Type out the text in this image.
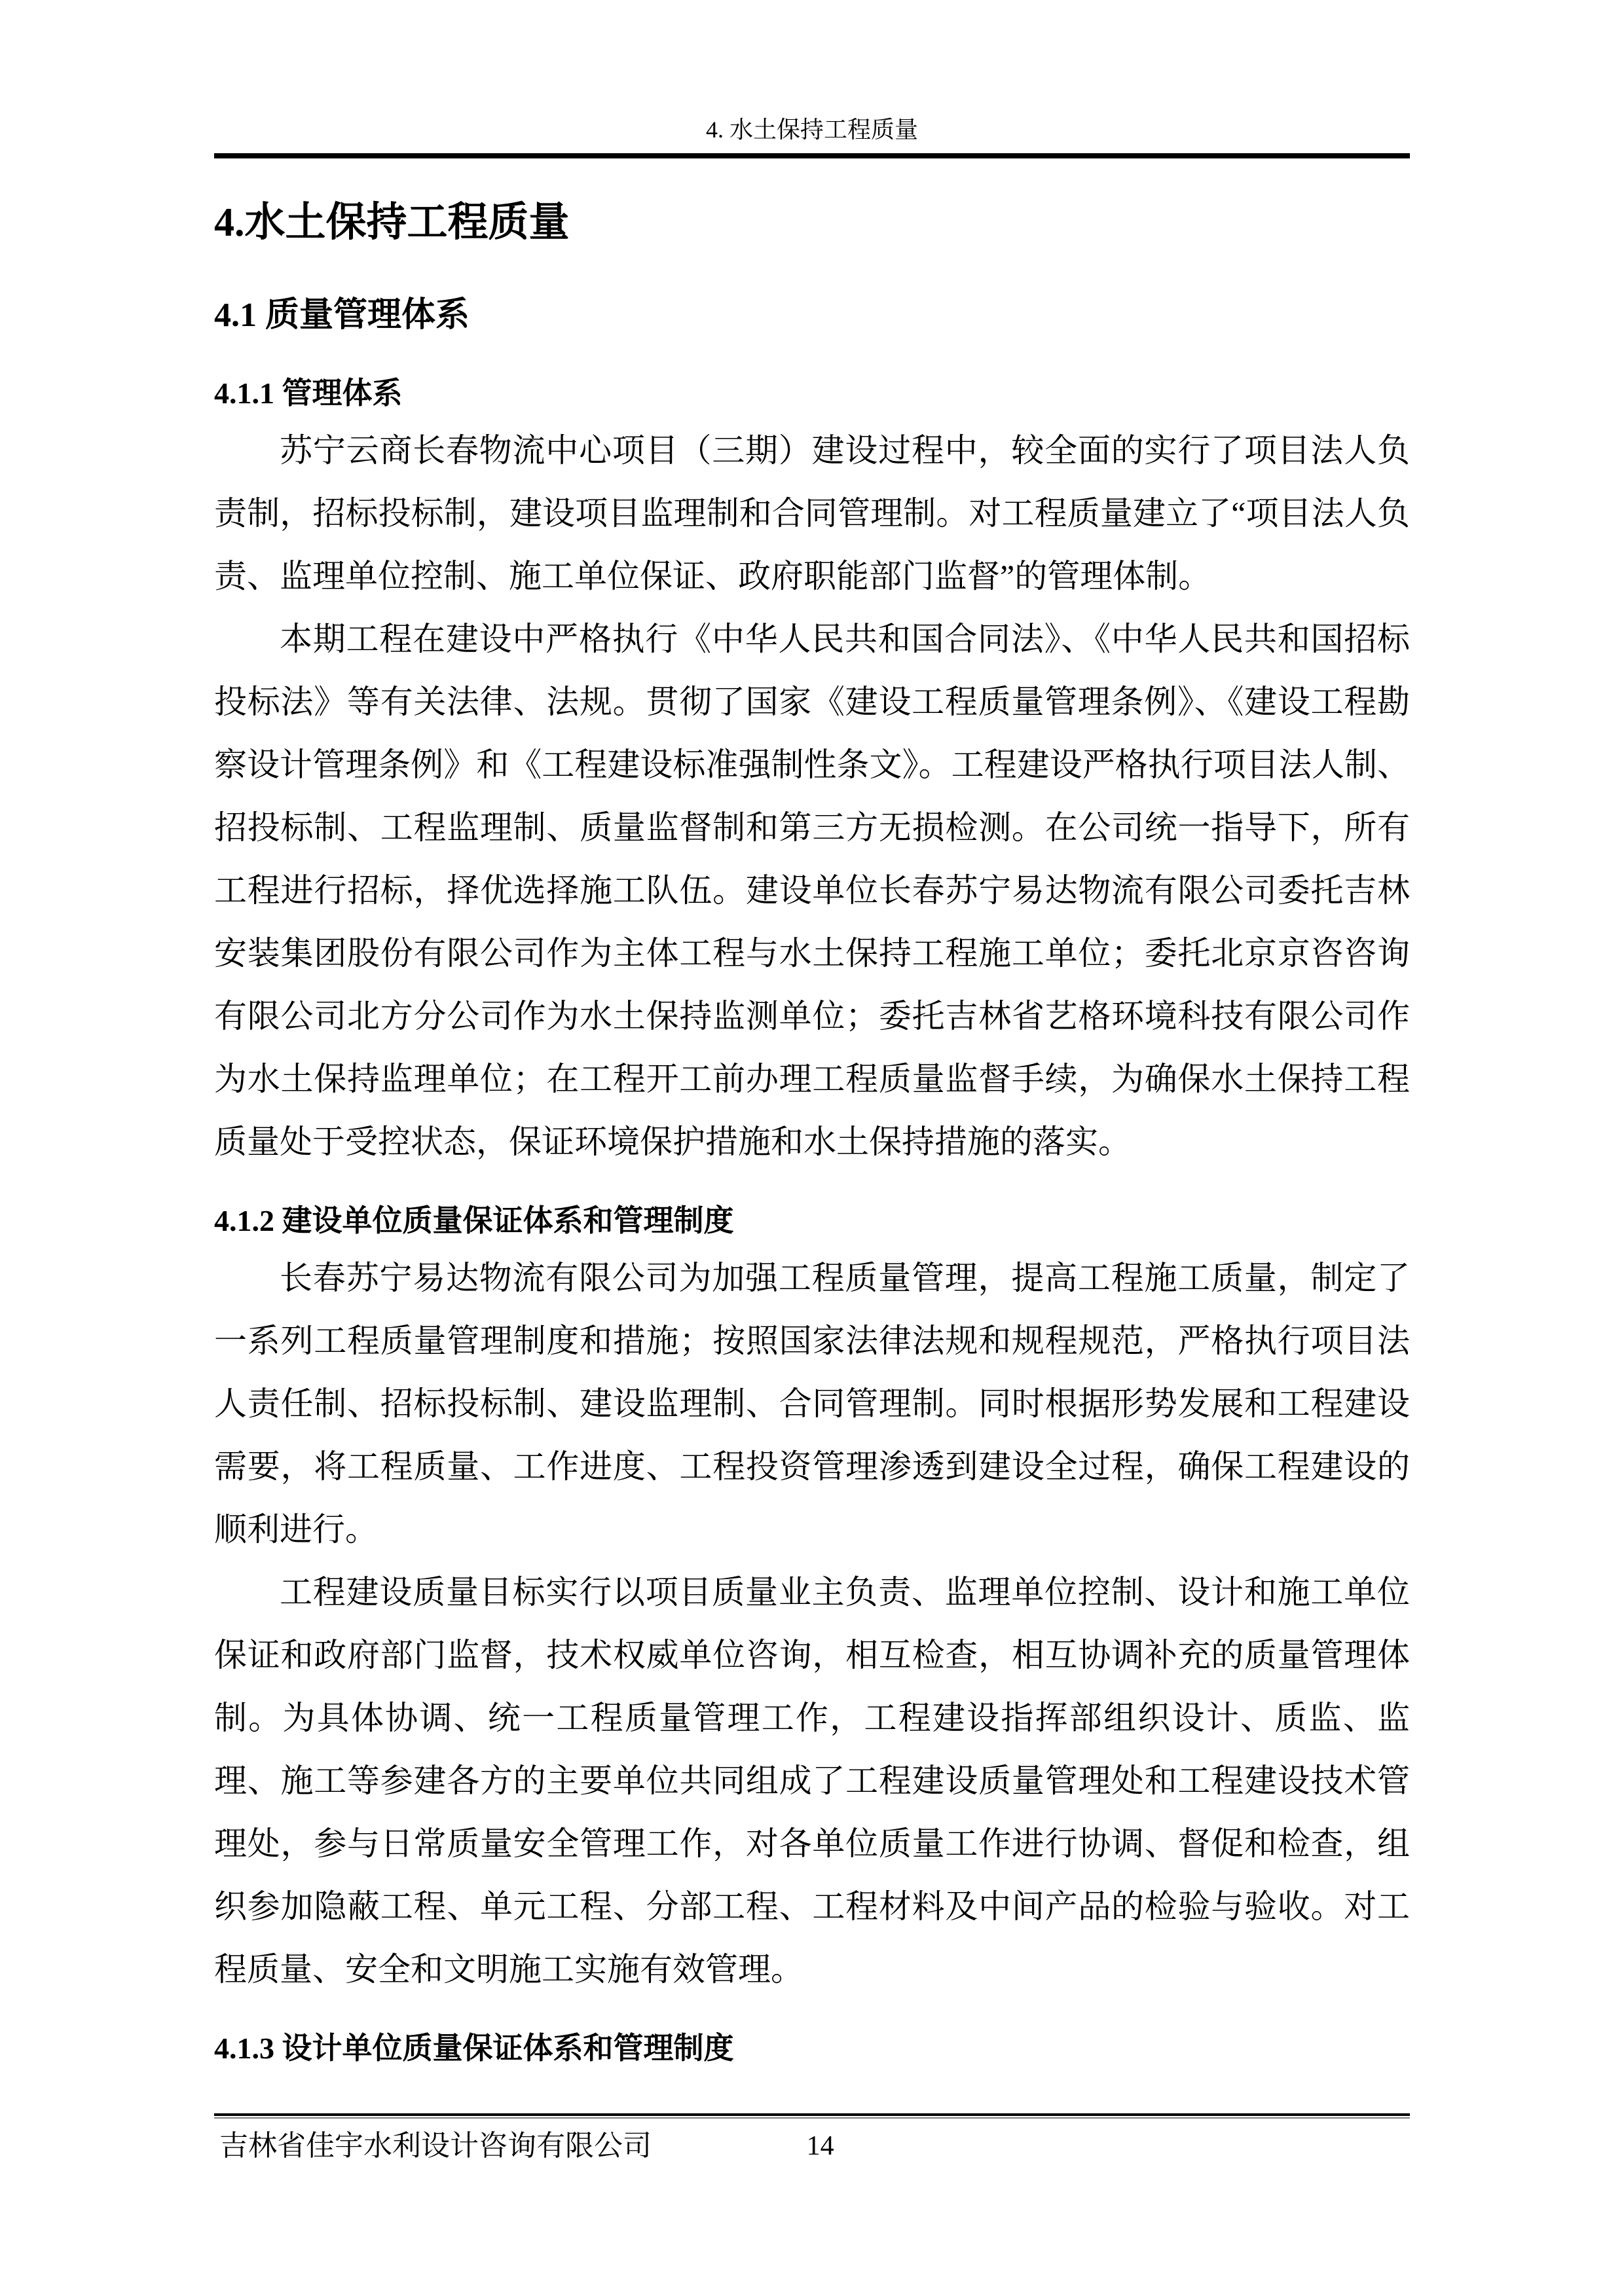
4. 水土保持工程质量
4.水土保持工程质量
4.1 质量管理体系
4.1.1 管理体系

苏宁云商长春物流中心项目（三期）建设过程中，较全面的实行了项目法人负责制，招标投标制，建设项目监理制和合同管理制。对工程质量建立了“项目法人负责、监理单位控制、施工单位保证、政府职能部门监督”的管理体制。

本期工程在建设中严格执行《中华人民共和国合同法》、《中华人民共和国招标投标法》等有关法律、法规。贯彻了国家《建设工程质量管理条例》、《建设工程勘察设计管理条例》和《工程建设标准强制性条文》。工程建设严格执行项目法人制、招投标制、工程监理制、质量监督制和第三方无损检测。在公司统一指导下，所有工程进行招标，择优选择施工队伍。建设单位长春苏宁易达物流有限公司委托吉林安装集团股份有限公司作为主体工程与水土保持工程施工单位；委托北京京咨咨询有限公司北方分公司作为水土保持监测单位；委托吉林省艺格环境科技有限公司作为水土保持监理单位；在工程开工前办理工程质量监督手续，为确保水土保持工程质量处于受控状态，保证环境保护措施和水土保持措施的落实。

4.1.2 建设单位质量保证体系和管理制度

长春苏宁易达物流有限公司为加强工程质量管理，提高工程施工质量，制定了一系列工程质量管理制度和措施；按照国家法律法规和规程规范，严格执行项目法人责任制、招标投标制、建设监理制、合同管理制。同时根据形势发展和工程建设需要，将工程质量、工作进度、工程投资管理渗透到建设全过程，确保工程建设的顺利进行。

工程建设质量目标实行以项目质量业主负责、监理单位控制、设计和施工单位保证和政府部门监督，技术权威单位咨询，相互检查，相互协调补充的质量管理体制。为具体协调、统一工程质量管理工作，工程建设指挥部组织设计、质监、监理、施工等参建各方的主要单位共同组成了工程建设质量管理处和工程建设技术管理处，参与日常质量安全管理工作，对各单位质量工作进行协调、督促和检查，组织参加隐蔽工程、单元工程、分部工程、工程材料及中间产品的检验与验收。对工程质量、安全和文明施工实施有效管理。

4.1.3 设计单位质量保证体系和管理制度
吉林省佳宇水利设计咨询有限公司	14
